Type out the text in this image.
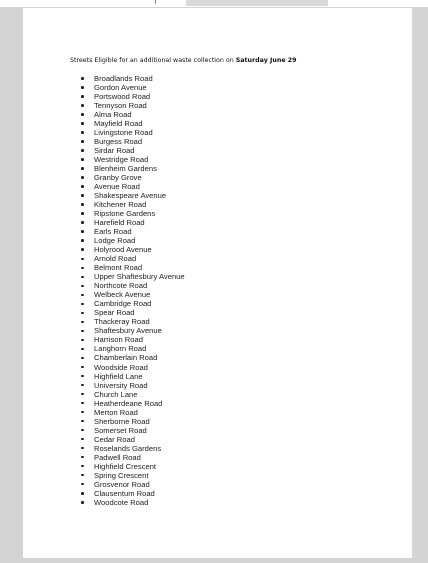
Streets Eligible for an additional waste collection on Saturday June 29

Broadlands Road
Gordon Avenue
Portswood Road
Tennyson Road
Alma Road
Mayfield Road
Livingstone Road
Burgess Road
Sirdar Road
Westridge Road
Blenheim Gardens
Granby Grove
Avenue Road
Shakespeare Avenue
Kitchener Road
Ripstone Gardens
Harefield Road
Earls Road
Lodge Road
Holyrood Avenue
Arnold Road
Belmont Road
Upper Shaftesbury Avenue
Northcote Road
Welbeck Avenue
Cambridge Road
Spear Road
Thackeray Road
Shaftesbury Avenue
Harrison Road
Langhorn Road
Chamberlain Road
Woodside Road
Highfield Lane
University Road
Church Lane
Heatherdeane Road
Merton Road
Sherborne Road
Somerset Road
Cedar Road
Roselands Gardens
Padwell Road
Highfield Crescent
Spring Crescent
Grosvenor Road
Clausentum Road
Woodcote Road
